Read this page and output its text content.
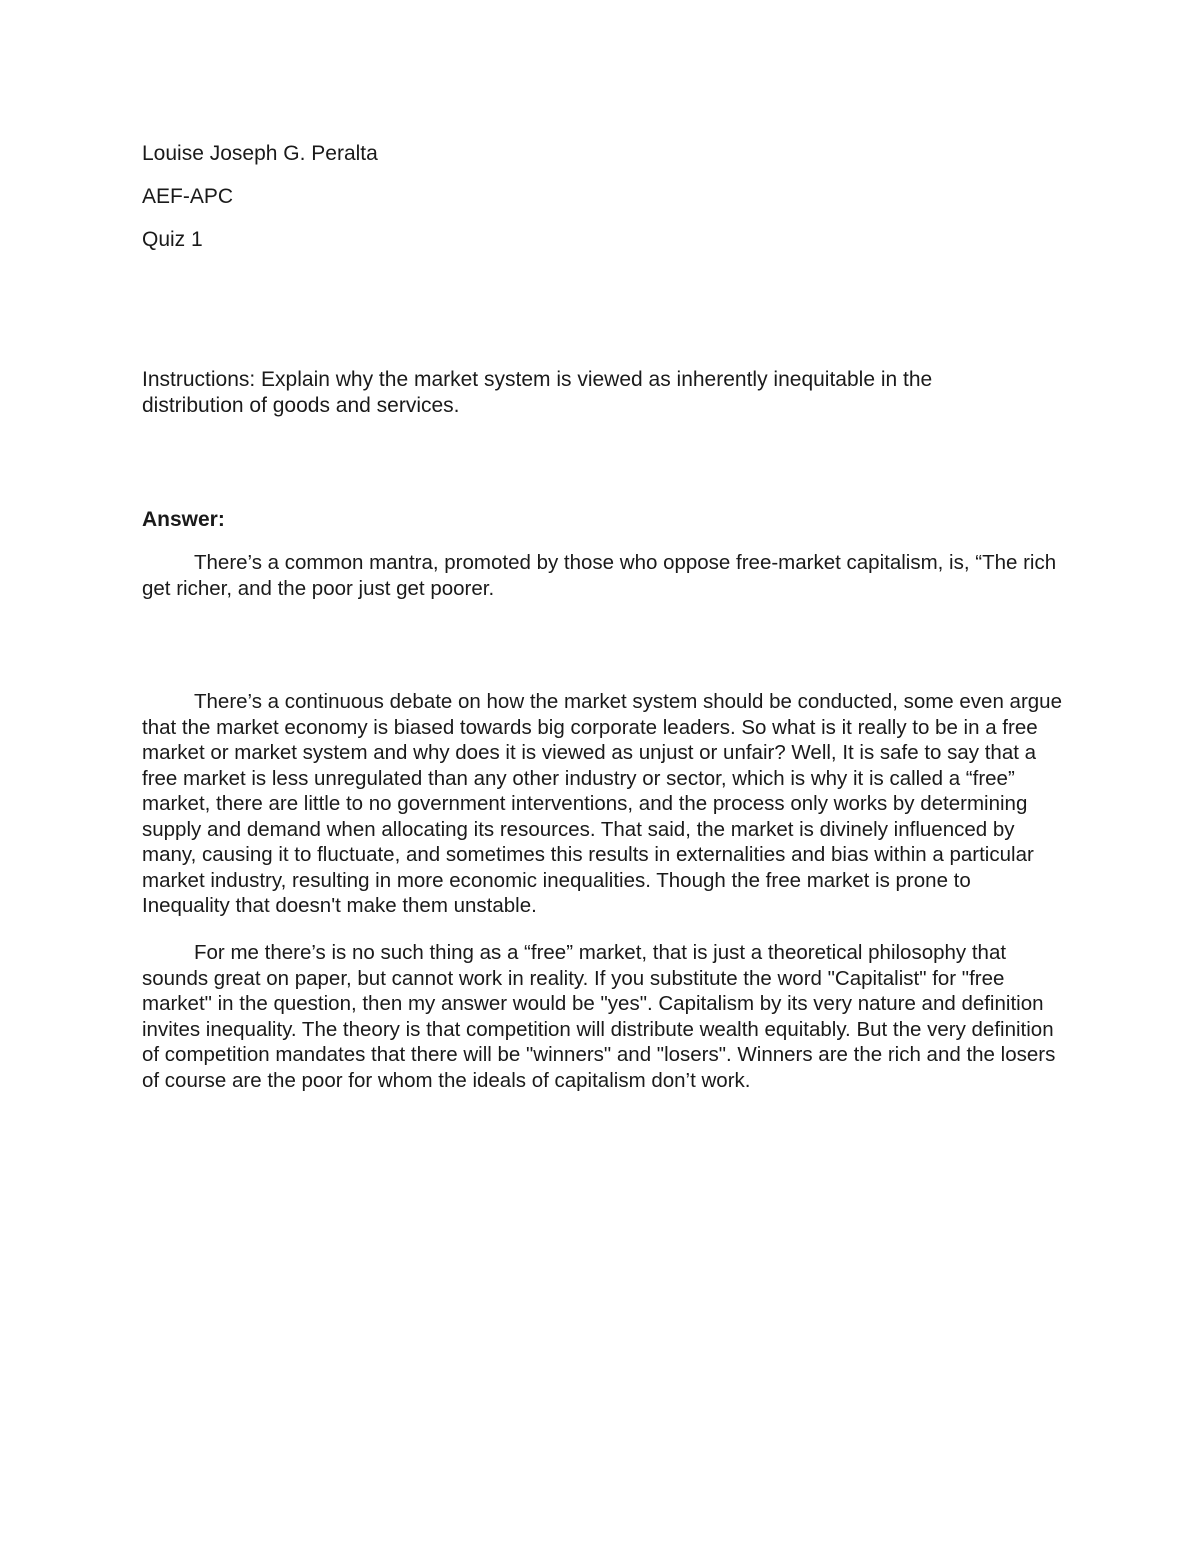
Louise Joseph G. Peralta
AEF-APC
Quiz 1
Instructions: Explain why the market system is viewed as inherently inequitable in the
distribution of goods and services.
Answer:

There’s a common mantra, promoted by those who oppose free-market capitalism, is, “The rich get richer, and the poor just get poorer.

There’s a continuous debate on how the market system should be conducted, some even argue that the market economy is biased towards big corporate leaders. So what is it really to be in a free market or market system and why does it is viewed as unjust or unfair? Well, It is safe to say that a free market is less unregulated than any other industry or sector, which is why it is called a “free” market, there are little to no government interventions, and the process only works by determining supply and demand when allocating its resources. That said, the market is divinely influenced by many, causing it to fluctuate, and sometimes this results in externalities and bias within a particular market industry, resulting in more economic inequalities. Though the free market is prone to Inequality that doesn't make them unstable.

For me there’s is no such thing as a “free” market, that is just a theoretical philosophy that sounds great on paper, but cannot work in reality. If you substitute the word "Capitalist" for "free market" in the question, then my answer would be "yes". Capitalism by its very nature and definition invites inequality. The theory is that competition will distribute wealth equitably. But the very definition of competition mandates that there will be "winners" and "losers". Winners are the rich and the losers of course are the poor for whom the ideals of capitalism don’t work.
